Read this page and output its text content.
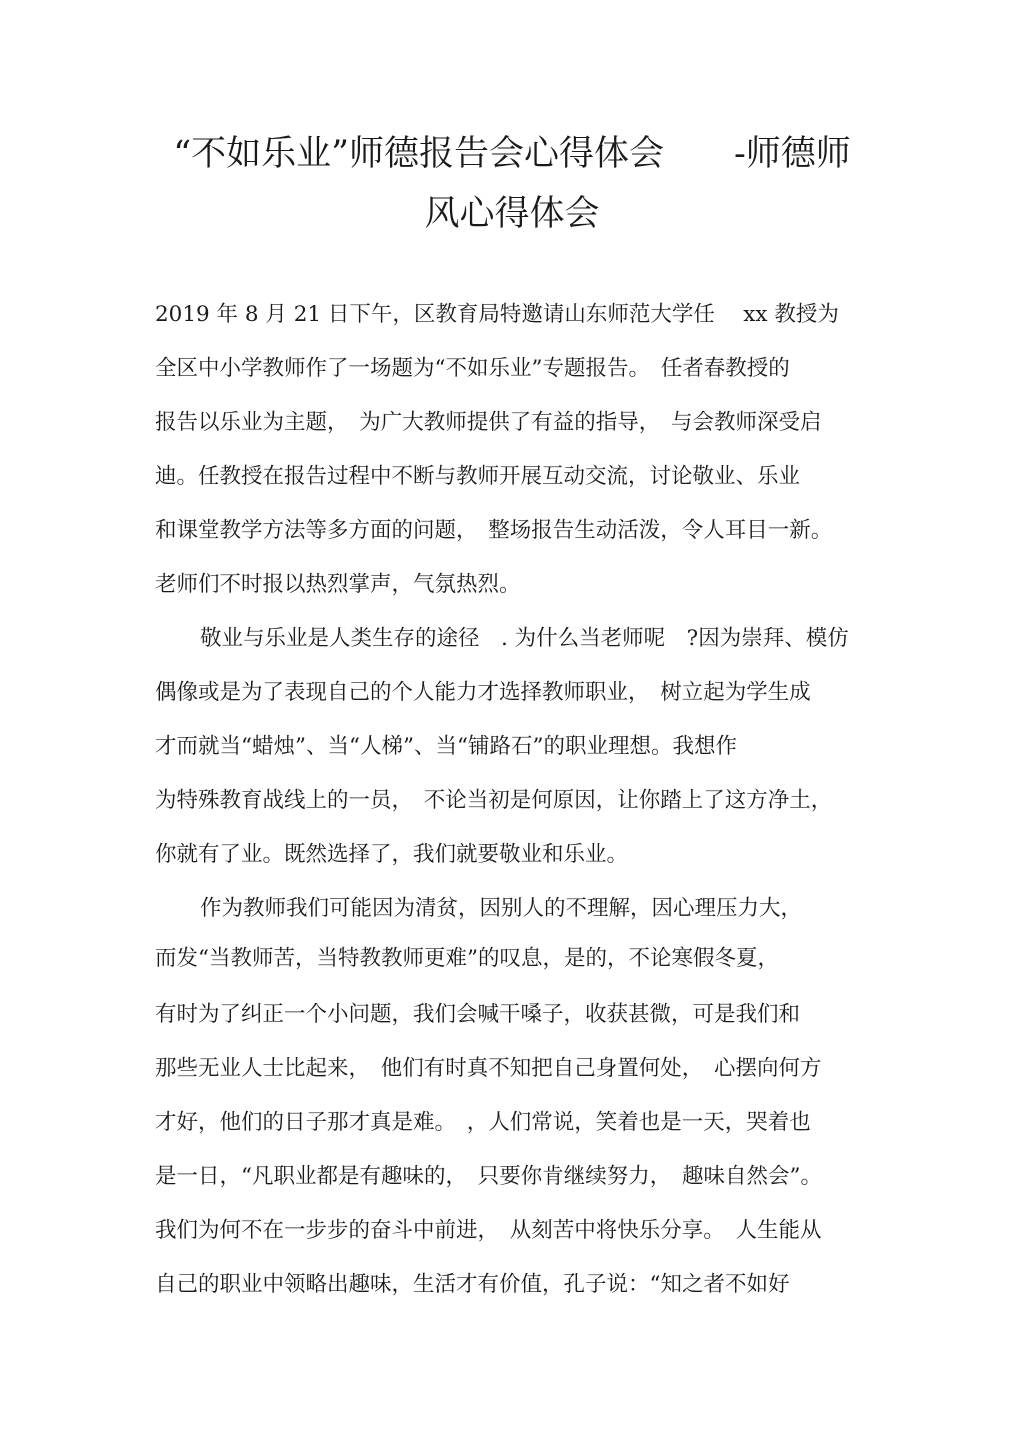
“不如乐业”师德报告会心得体会　　-师德师
风心得体会

2019 年 8 月 21 日下午，区教育局特邀请山东师范大学任　 xx 教授为

全区中小学教师作了一场题为“不如乐业”专题报告。　任者春教授的

报告以乐业为主题，　为广大教师提供了有益的指导，　与会教师深受启

迪。任教授在报告过程中不断与教师开展互动交流，讨论敬业、乐业

和课堂教学方法等多方面的问题，　整场报告生动活泼，令人耳目一新。

老师们不时报以热烈掌声，气氛热烈。

敬业与乐业是人类生存的途径　. 为什么当老师呢　?因为崇拜、模仿

偶像或是为了表现自己的个人能力才选择教师职业，　树立起为学生成

才而就当“蜡烛”、当“人梯”、当“铺路石”的职业理想。我想作

为特殊教育战线上的一员，　不论当初是何原因，让你踏上了这方净土，

你就有了业。既然选择了，我们就要敬业和乐业。

作为教师我们可能因为清贫，因别人的不理解，因心理压力大，

而发“当教师苦，当特教教师更难”的叹息，是的，不论寒假冬夏，

有时为了纠正一个小问题，我们会喊干嗓子，收获甚微，可是我们和

那些无业人士比起来，　他们有时真不知把自己身置何处，　心摆向何方

才好，他们的日子那才真是难。　，人们常说，笑着也是一天，哭着也

是一日，“凡职业都是有趣味的，　只要你肯继续努力，　趣味自然会”。

我们为何不在一步步的奋斗中前进，　从刻苦中将快乐分享。　人生能从

自己的职业中领略出趣味，生活才有价值，孔子说：“知之者不如好
